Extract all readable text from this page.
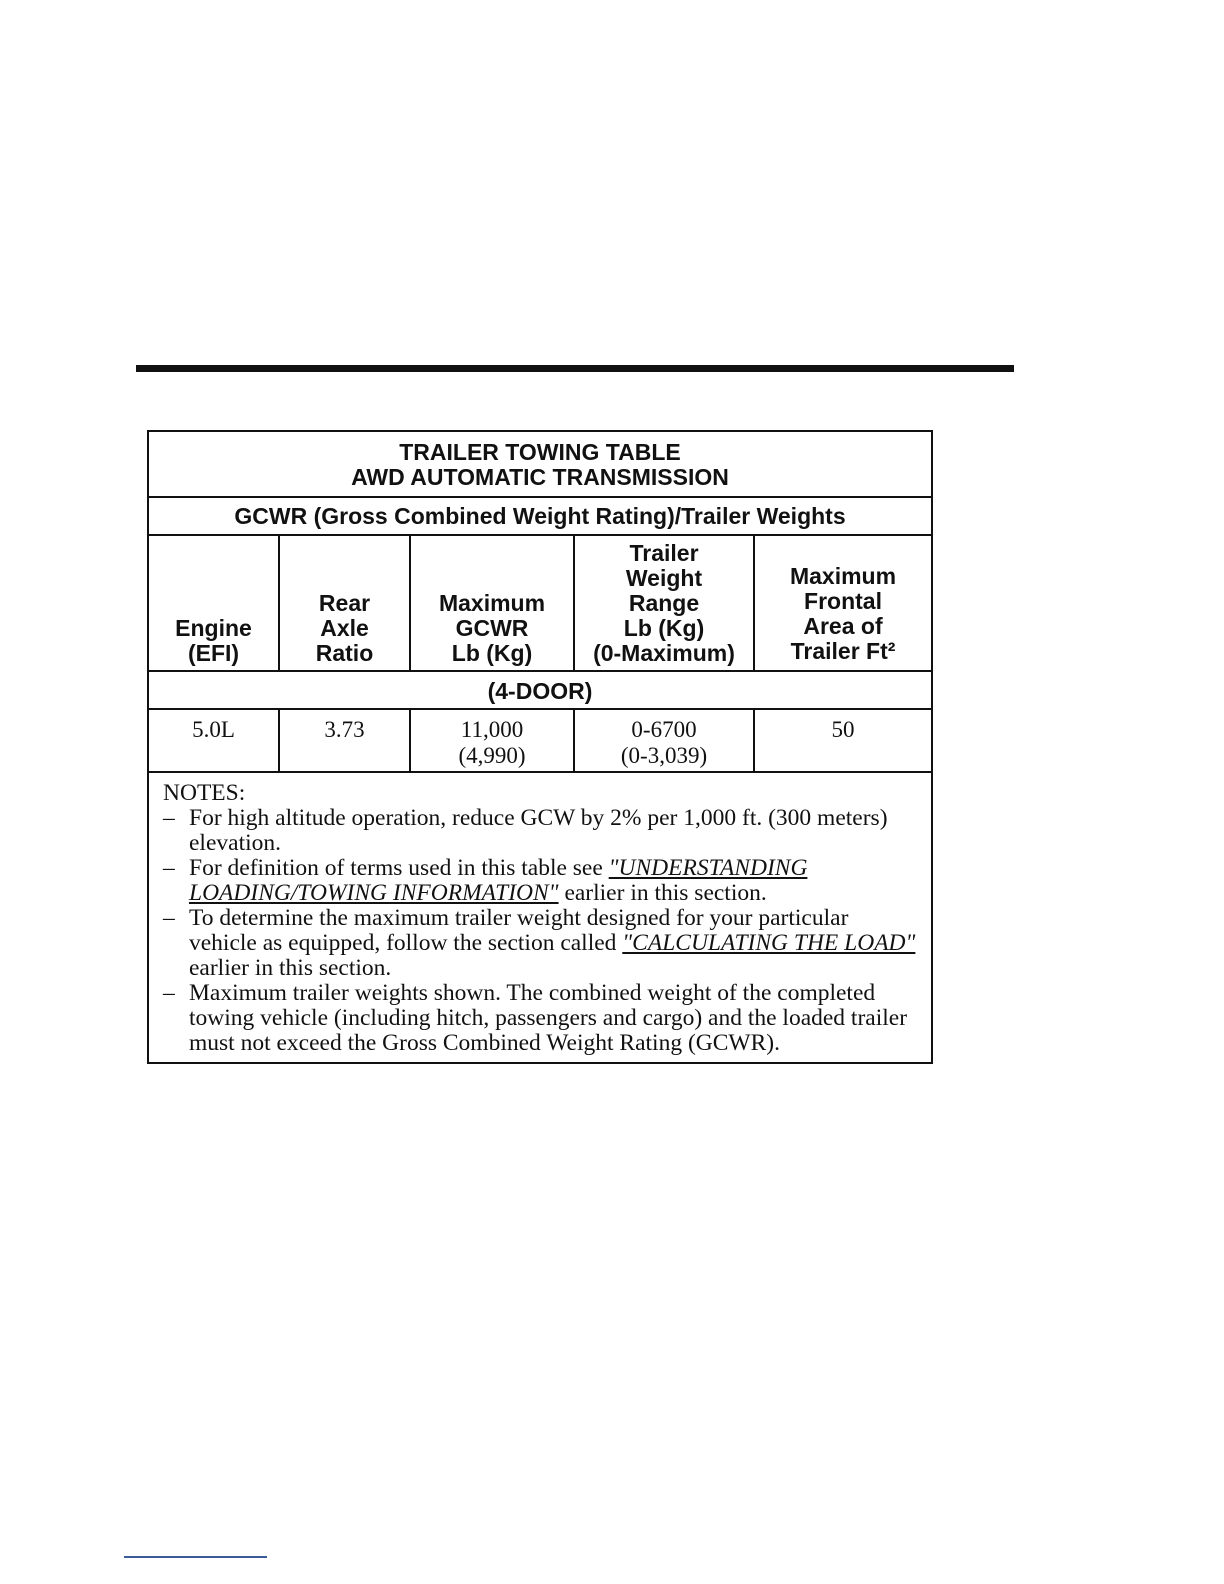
TRAILER TOWING TABLE
AWD AUTOMATIC TRANSMISSION
GCWR (Gross Combined Weight Rating)/Trailer Weights
Engine
(EFI)
Rear
Axle
Ratio
Maximum
GCWR
Lb (Kg)
Trailer
Weight
Range
Lb (Kg)
(0-Maximum)
Maximum
Frontal
Area of
Trailer Ft²
(4-DOOR)
5.0L	3.73	11,000
(4,990)
0-6700
(0-3,039)
50
NOTES:
– For high altitude operation, reduce GCW by 2% per 1,000 ft. (300 meters) elevation.
– For definition of terms used in this table see "UNDERSTANDING LOADING/TOWING INFORMATION" earlier in this section.
– To determine the maximum trailer weight designed for your particular vehicle as equipped, follow the section called "CALCULATING THE LOAD" earlier in this section.
– Maximum trailer weights shown. The combined weight of the completed towing vehicle (including hitch, passengers and cargo) and the loaded trailer must not exceed the Gross Combined Weight Rating (GCWR).
